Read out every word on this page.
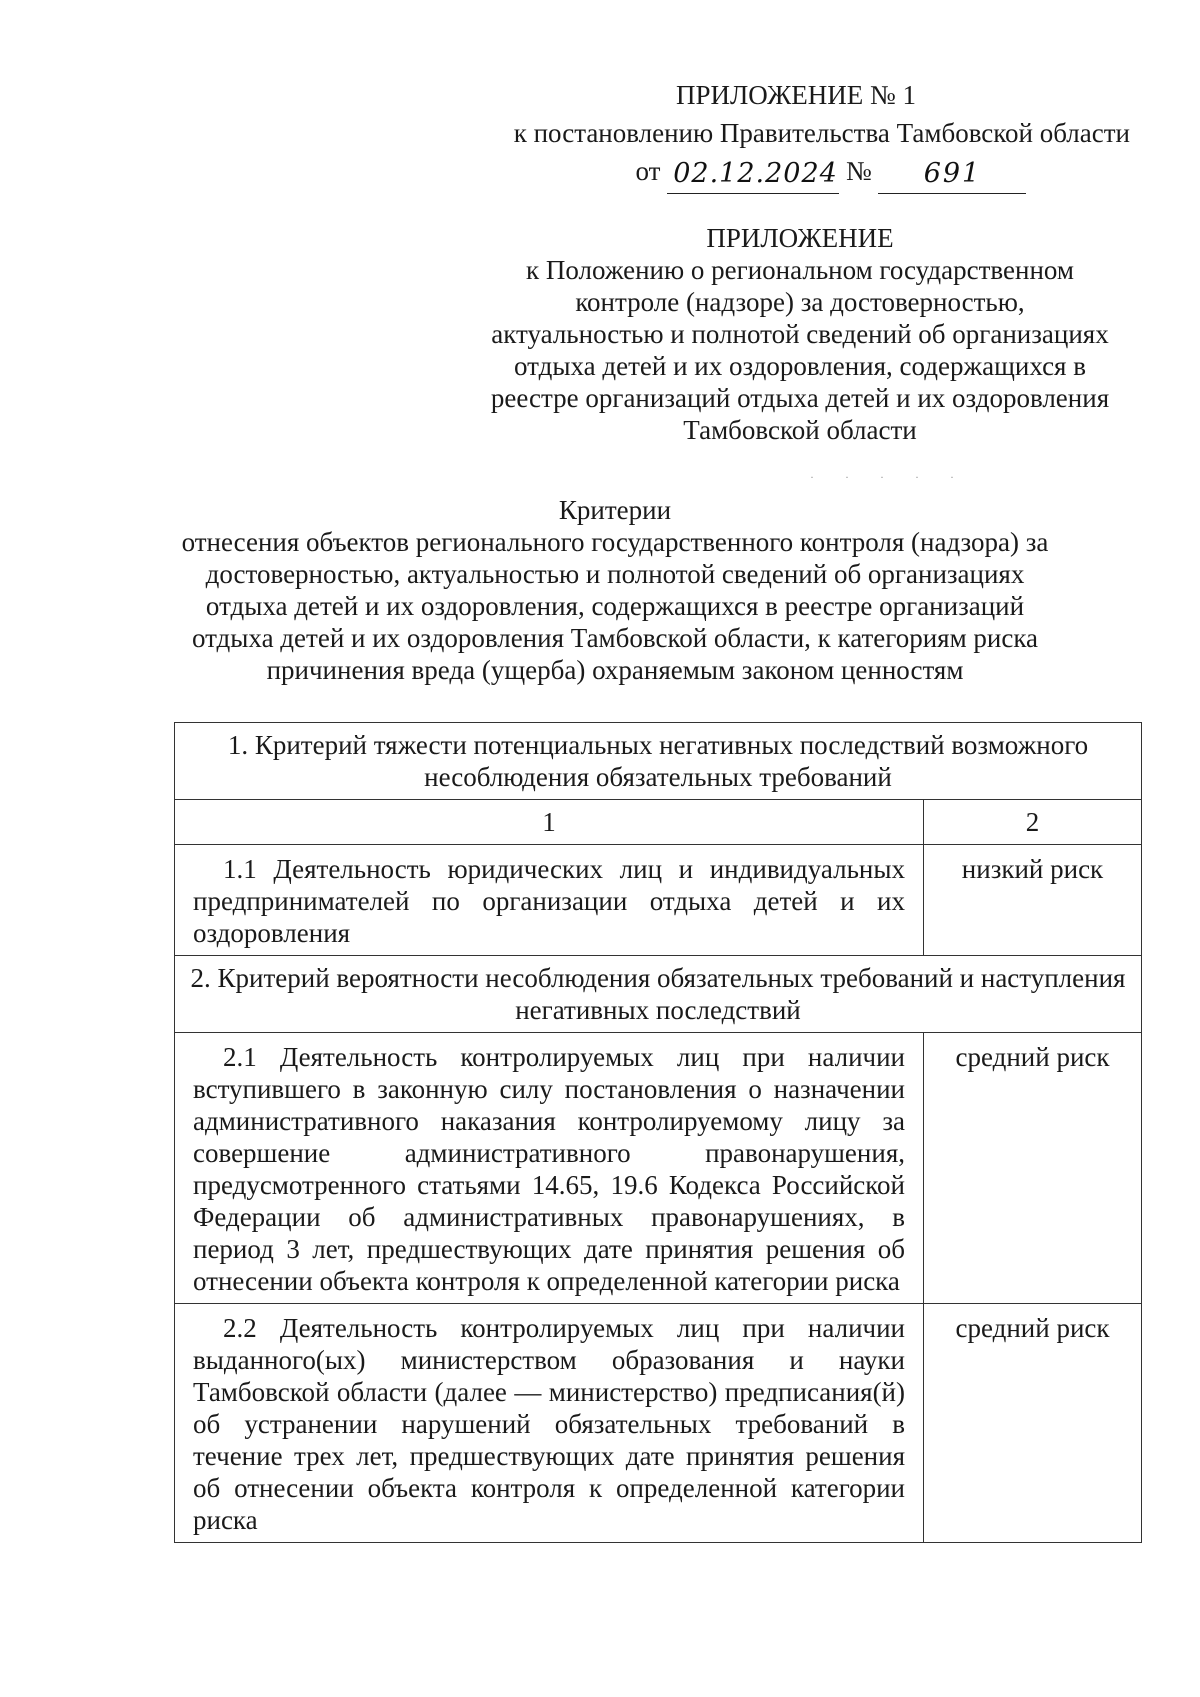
ПРИЛОЖЕНИЕ № 1
к постановлению Правительства Тамбовской области
от 02.12.2024 № 691
ПРИЛОЖЕНИЕ
к Положению о региональном государственном
контроле (надзоре) за достоверностью,
актуальностью и полнотой сведений об организациях
отдыха детей и их оздоровления, содержащихся в
реестре организаций отдыха детей и их оздоровления
Тамбовской области
· · · · ·
Критерии
отнесения объектов регионального государственного контроля (надзора) за
достоверностью, актуальностью и полнотой сведений об организациях
отдыха детей и их оздоровления, содержащихся в реестре организаций
отдыха детей и их оздоровления Тамбовской области, к категориям риска
причинения вреда (ущерба) охраняемым законом ценностям
1. Критерий тяжести потенциальных негативных последствий возможного несоблюдения обязательных требований	
1	2

1.1 Деятельность юридических лиц и индивидуальных предпринимателей по организации отдыха детей и их оздоровления	низкий риск
2. Критерий вероятности несоблюдения обязательных требований и наступления негативных последствий	

2.1 Деятельность контролируемых лиц при наличии вступившего в законную силу постановления о назначении административного наказания контролируемому лицу за совершение административного правонарушения, предусмотренного статьями 14.65, 19.6 Кодекса Российской Федерации об административных правонарушениях, в период 3 лет, предшествующих дате принятия решения об отнесении объекта контроля к определенной категории риска	средний риск

2.2 Деятельность контролируемых лиц при наличии выданного(ых) министерством образования и науки Тамбовской области (далее — министерство) предписания(й) об устранении нарушений обязательных требований в течение трех лет, предшествующих дате принятия решения об отнесении объекта контроля к определенной категории риска	средний риск
